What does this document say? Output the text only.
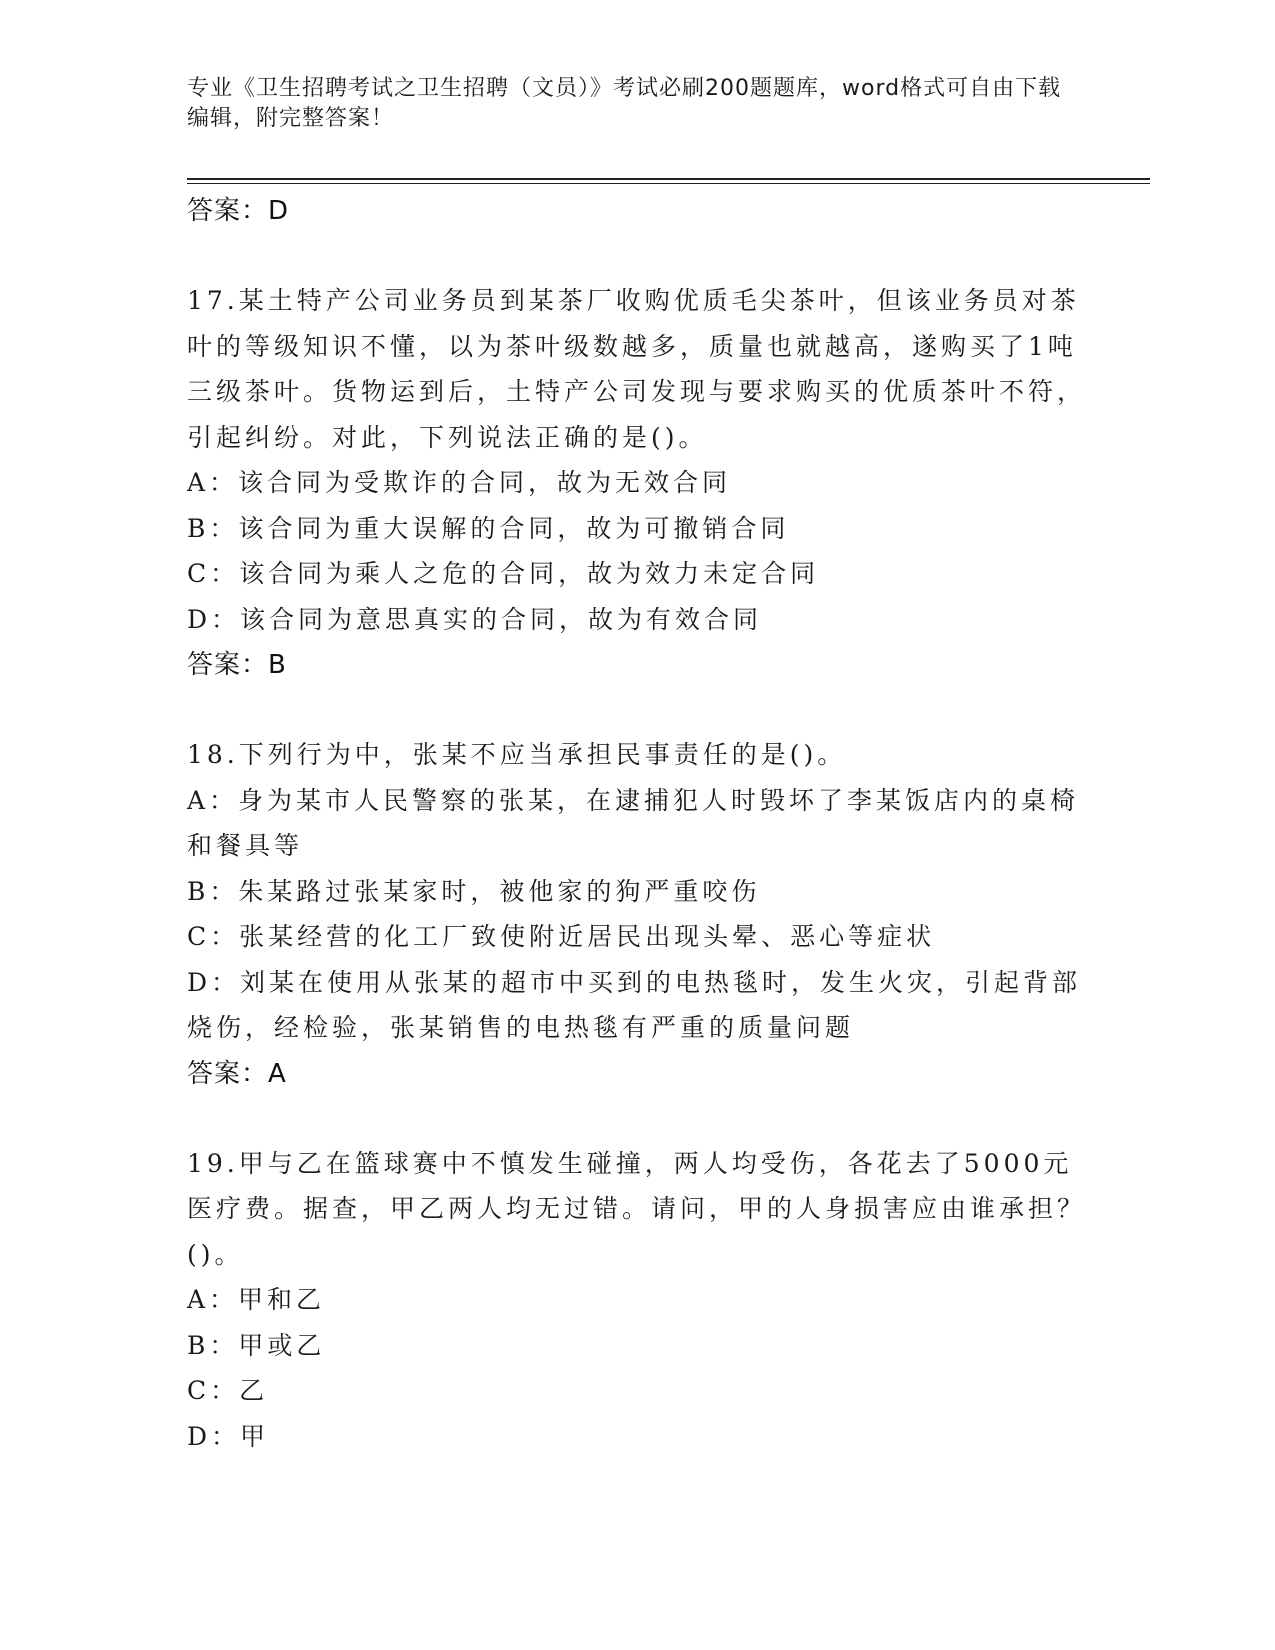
专业《卫生招聘考试之卫生招聘（文员）》考试必刷200题题库，word格式可自由下载编辑，附完整答案！

答案：D

17.某土特产公司业务员到某茶厂收购优质毛尖茶叶，但该业务员对茶叶的等级知识不懂，以为茶叶级数越多，质量也就越高，遂购买了1吨三级茶叶。货物运到后，土特产公司发现与要求购买的优质茶叶不符，引起纠纷。对此，下列说法正确的是()。

A：该合同为受欺诈的合同，故为无效合同

B：该合同为重大误解的合同，故为可撤销合同

C：该合同为乘人之危的合同，故为效力未定合同

D：该合同为意思真实的合同，故为有效合同

答案：B

18.下列行为中，张某不应当承担民事责任的是()。

A：身为某市人民警察的张某，在逮捕犯人时毁坏了李某饭店内的桌椅和餐具等

B：朱某路过张某家时，被他家的狗严重咬伤

C：张某经营的化工厂致使附近居民出现头晕、恶心等症状

D：刘某在使用从张某的超市中买到的电热毯时，发生火灾，引起背部烧伤，经检验，张某销售的电热毯有严重的质量问题

答案：A

19.甲与乙在篮球赛中不慎发生碰撞，两人均受伤，各花去了5000元医疗费。据查，甲乙两人均无过错。请问，甲的人身损害应由谁承担？()。

A：甲和乙

B：甲或乙

C：乙

D：甲
